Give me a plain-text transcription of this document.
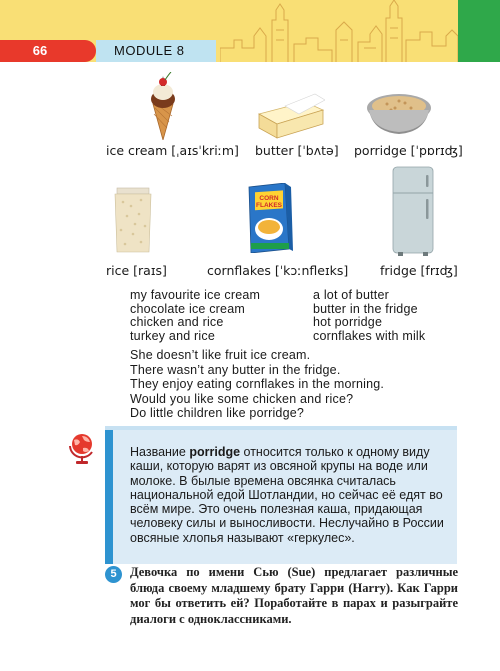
66	MODULE 8
ice cream [ˌaɪsˈkriːm] butter [ˈbʌtə] porridge [ˈpɒrɪʤ]
CORN FLAKES
rice [raɪs]	cornflakes [ˈkɔːnfleɪks]	fridge [frɪʤ]
my favourite ice cream
chocolate ice cream
chicken and rice
turkey and rice
a lot of butter
butter in the fridge
hot porridge
cornflakes with milk
She doesn’t like fruit ice cream.
There wasn’t any butter in the fridge.
They enjoy eating cornflakes in the morning.
Would you like some chicken and rice?
Do little children like porridge?
Название porridge относится только к одному виду каши, которую варят из овсяной крупы на воде или молоке. В былые времена овсянка считалась национальной едой Шотландии, но сейчас её едят во всём мире. Это очень полезная каша, придающая человеку силы и выносливости. Неслучайно в России овсяные хлопья называют «геркулес».
5	Девочка по имени Сью (Sue) предлагает различные блюда своему младшему брату Гарри (Harry). Как Гарри мог бы ответить ей? Поработайте в парах и разыграйте диалоги с одноклассниками.
